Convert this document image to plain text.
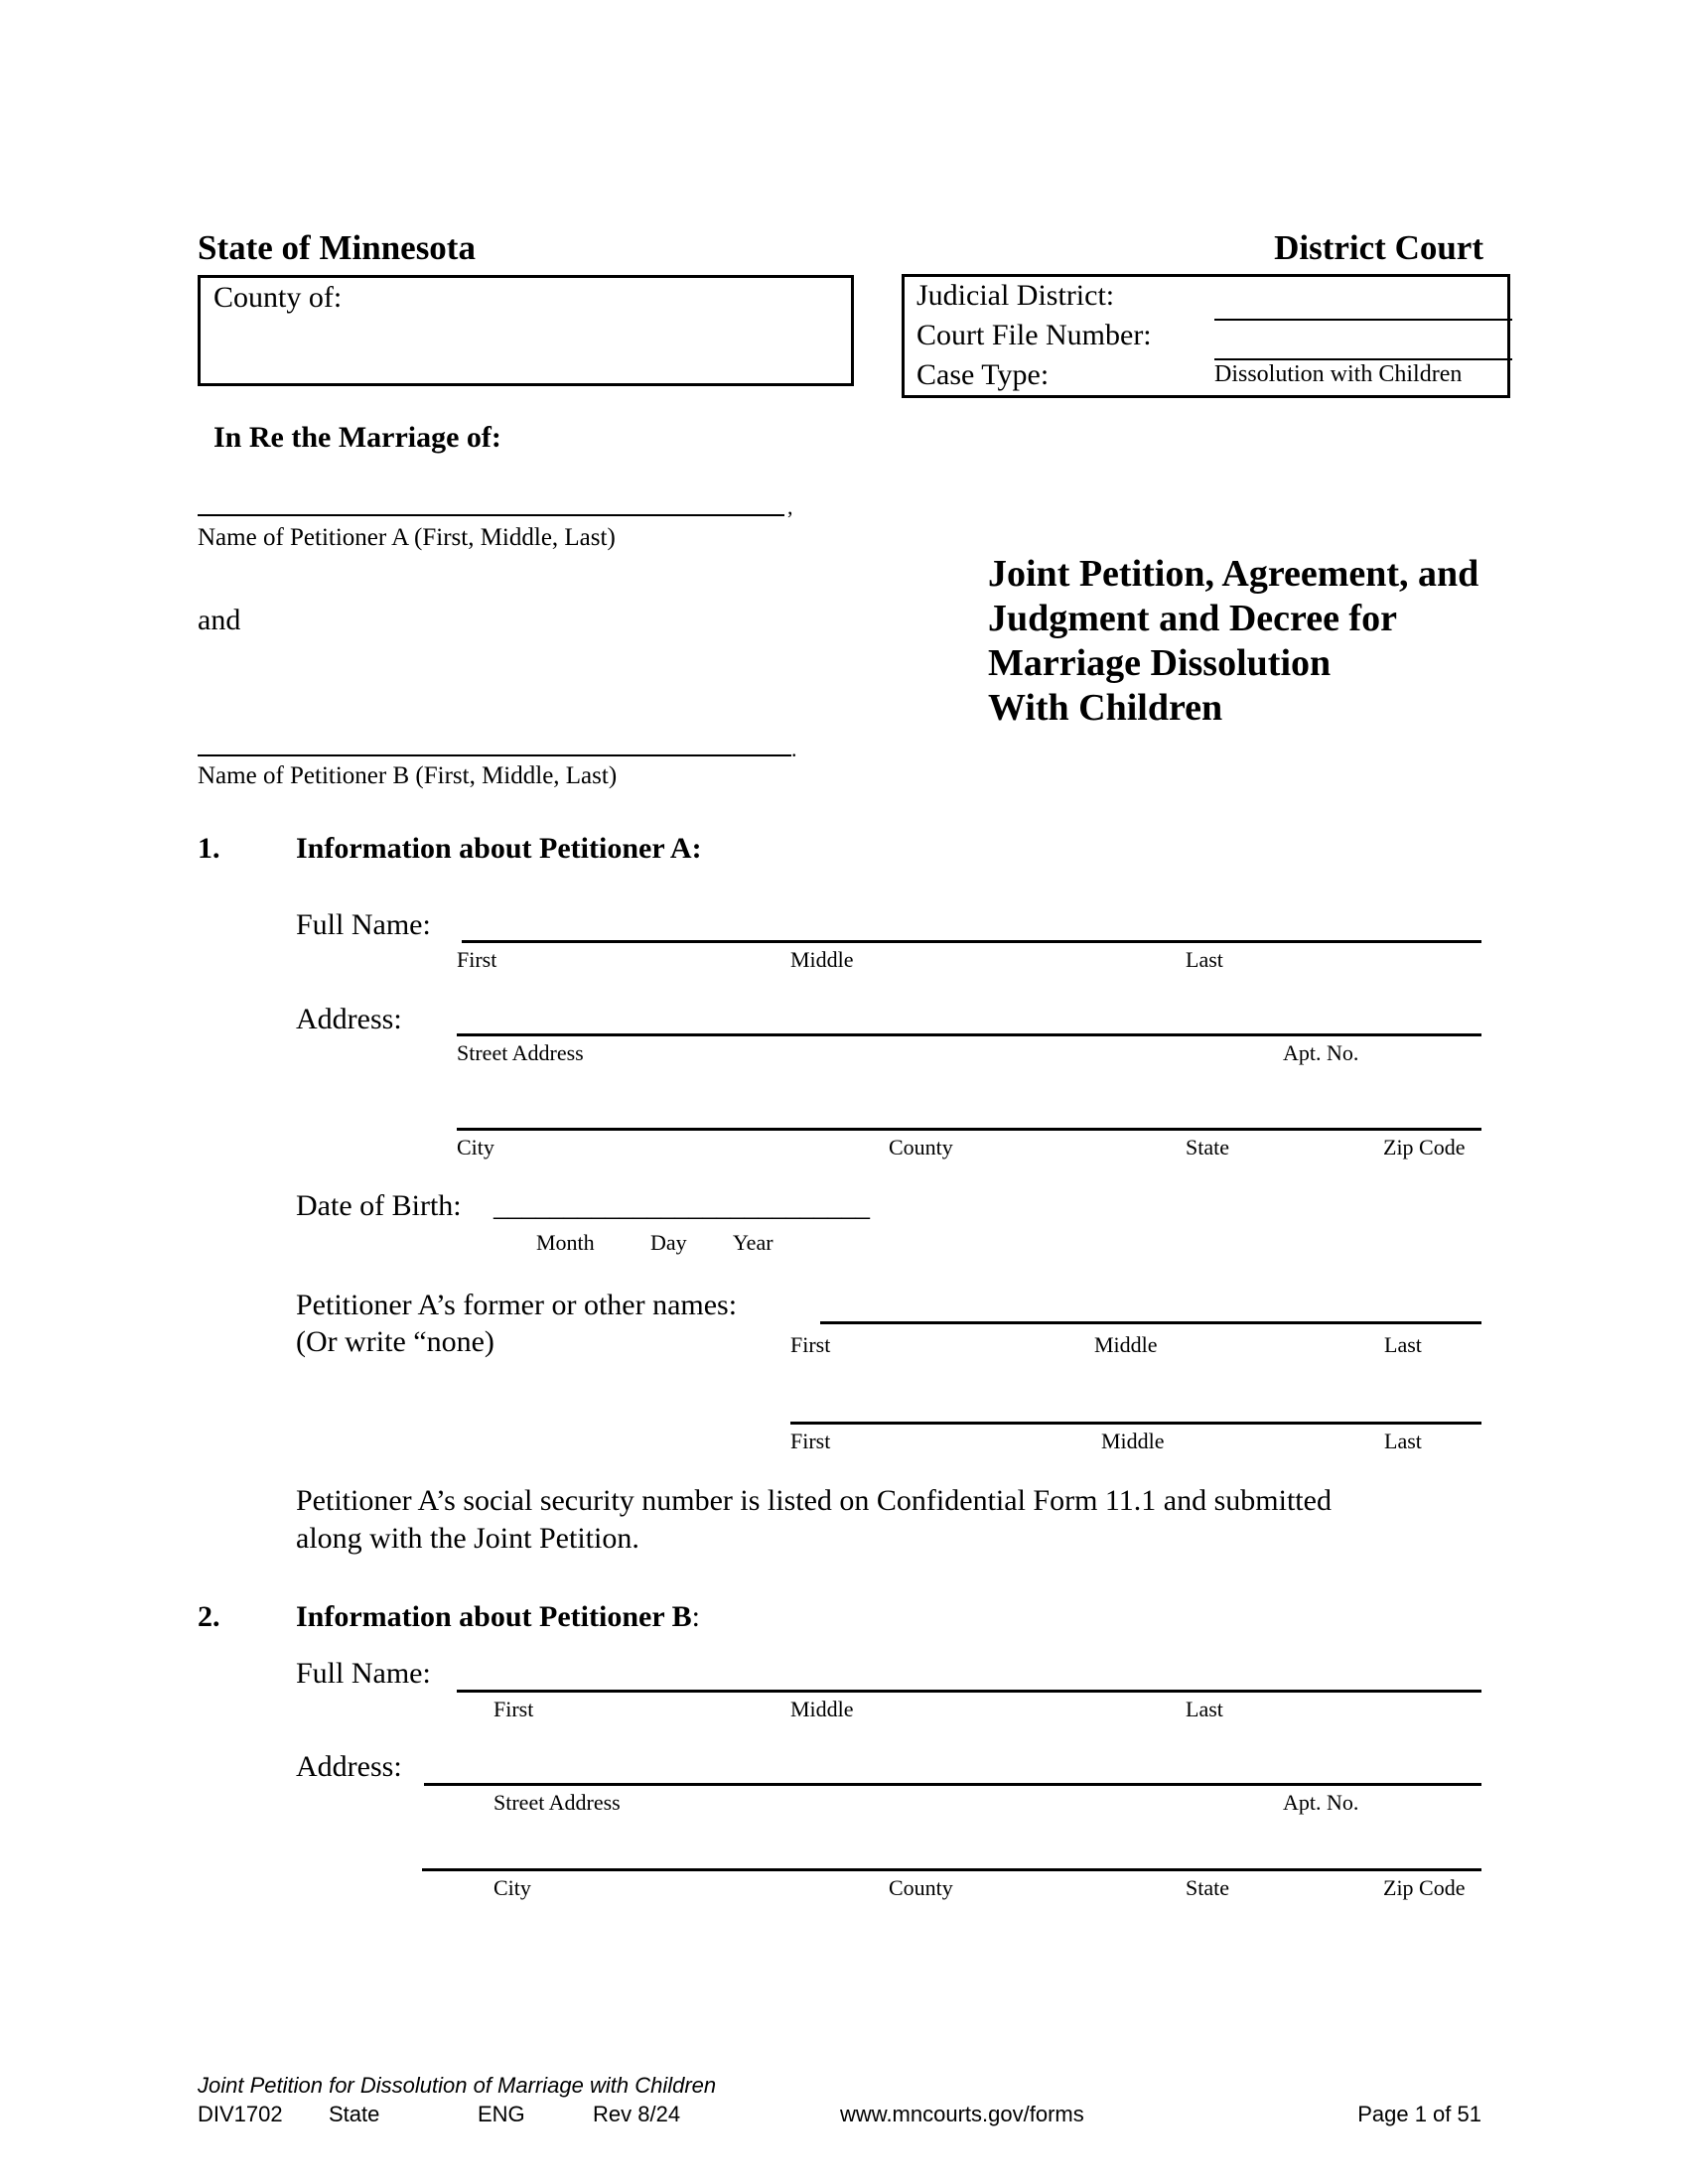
State of Minnesota	District Court
County of:	Judicial District:
Court File Number:
Case Type:	Dissolution with Children
In Re the Marriage of:
,
Name of Petitioner A (First, Middle, Last)
and
.
Name of Petitioner B (First, Middle, Last)
Joint Petition, Agreement, and
Judgment and Decree for
Marriage Dissolution
With Children
1.	Information about Petitioner A:
Full Name:
First	Middle	Last
Address:
Street Address	Apt. No.
City	County	State	Zip Code
Date of Birth: ___________________________
Month	Day Year
Petitioner A’s former or other names:
(Or write “none)	First	Middle	Last
First	Middle	Last
Petitioner A’s social security number is listed on Confidential Form 11.1 and submitted
along with the Joint Petition.
2.	Information about Petitioner B:
Full Name:
First	Middle	Last
Address:
Street Address	Apt. No.
City	County	State	Zip Code
Joint Petition for Dissolution of Marriage with Children
DIV1702 State	ENG	Rev 8/24	www.mncourts.gov/forms	Page 1 of 51
